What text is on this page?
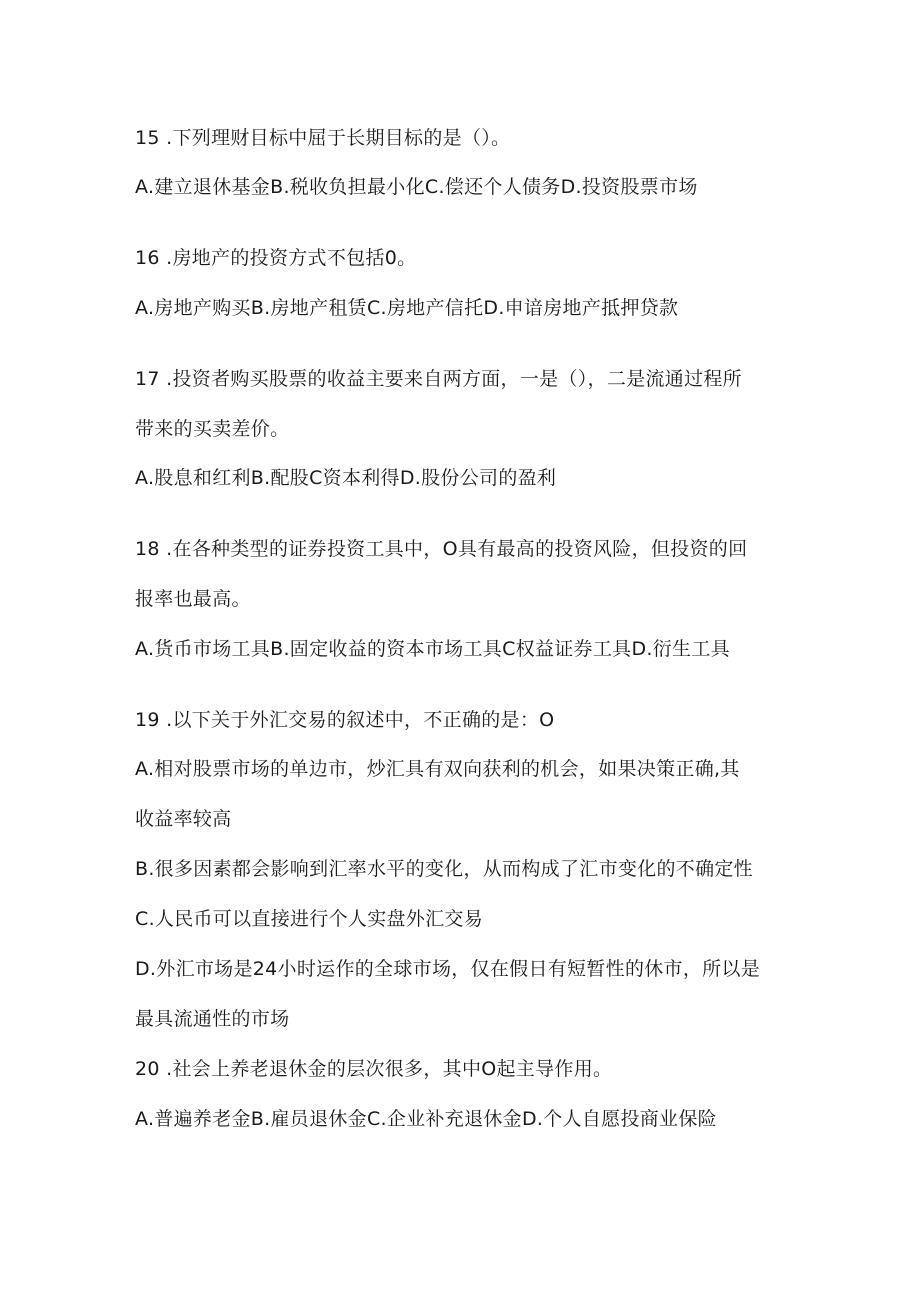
15 .下列理财目标中屈于长期目标的是（）。
A.建立退休基金B.税收负担最小化C.偿还个人债务D.投资股票市场
16 .房地产的投资方式不包括0。
A.房地产购买B.房地产租赁C.房地产信托D.申谙房地产抵押贷款
17 .投资者购买股票的收益主要来自两方面，一是（），二是流通过程所
带来的买卖差价。
A.股息和红利B.配股C资本利得D.股份公司的盈利
18 .在各种类型的证券投资工具中，O具有最高的投资风险，但投资的回
报率也最高。
A.货币市场工具B.固定收益的资本市场工具C权益证券工具D.衍生工具
19 .以下关于外汇交易的叙述中，不正确的是：O
A.相对股票市场的单边市，炒汇具有双向获利的机会，如果决策正确,其
收益率较高
B.很多因素都会影响到汇率水平的变化，从而构成了汇市变化的不确定性
C.人民币可以直接进行个人实盘外汇交易
D.外汇市场是24小时运作的全球市场，仅在假日有短暂性的休市，所以是
最具流通性的市场
20 .社会上养老退休金的层次很多，其中O起主导作用。
A.普遍养老金B.雇员退休金C.企业补充退休金D.个人自愿投商业保险
